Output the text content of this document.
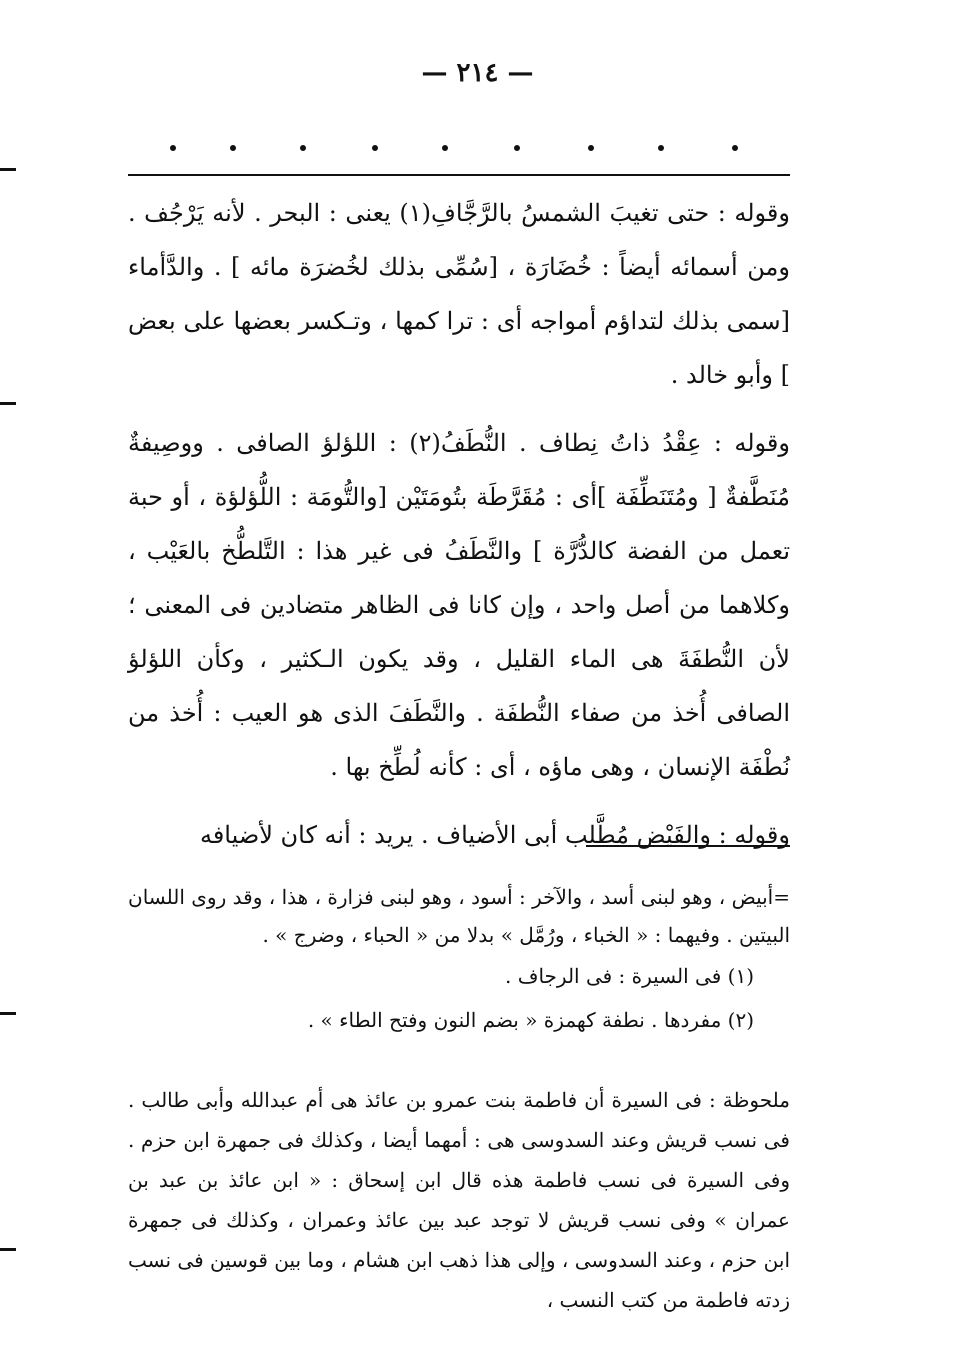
— ٢١٤ —

وقوله : حتى تغيبَ الشمسُ بالرَّجَّافِ(١) يعنى : البحر . لأنه يَرْجُف . ومن أسمائه أيضاً : خُضَارَة ، [سُمِّى بذلك لخُضرَة مائه ] . والدَّأماء [سمى بذلك لتداؤم أمواجه أى : ترا كمها ، وتـكسر بعضها على بعض ] وأبو خالد .

وقوله : عِقْدُ ذاتُ نِطاف . النُّطَفُ(٢) : اللؤلؤ الصافى . ووصِيفةٌ مُنَطَّفةٌ [ ومُتَنَطِّفَة ]أى : مُقَرَّطَة بتُومَتَيْن [والتُّومَة : اللُّؤلؤة ، أو حبة تعمل من الفضة كالدُّرَّة ] والنَّطَفُ فى غير هذا : التَّلطُّخ بالعَيْب ، وكلاهما من أصل واحد ، وإن كانا فى الظاهر متضادين فى المعنى ؛ لأن النُّطفَةَ هى الماء القليل ، وقد يكون الـكثير ، وكأن اللؤلؤ الصافى أُخذ من صفاء النُّطفَة . والنَّطَفَ الذى هو العيب : أُخذ من نُطْفَة الإنسان ، وهى ماؤه ، أى : كأنه لُطِّخ بها .

وقوله : والفَيْض مُطَّلب أبى الأضياف . يريد : أنه كان لأضيافه

=أبيض ، وهو لبنى أسد ، والآخر : أسود ، وهو لبنى فزارة ، هذا ، وقد روى اللسان البيتين . وفيهما : « الخباء ، ورُمَّل » بدلا من « الحباء ، وضرج » .

(١) فى السيرة : فى الرجاف .

(٢) مفردها . نطفة كهمزة « بضم النون وفتح الطاء » .

ملحوظة : فى السيرة أن فاطمة بنت عمرو بن عائذ هى أم عبدالله وأبى طالب . فى نسب قريش وعند السدوسى هى : أمهما أيضا ، وكذلك فى جمهرة ابن حزم . وفى السيرة فى نسب فاطمة هذه قال ابن إسحاق : « ابن عائذ بن عبد بن عمران » وفى نسب قريش لا توجد عبد بين عائذ وعمران ، وكذلك فى جمهرة ابن حزم ، وعند السدوسى ، وإلى هذا ذهب ابن هشام ، وما بين قوسين فى نسب زدته فاطمة من كتب النسب ،
